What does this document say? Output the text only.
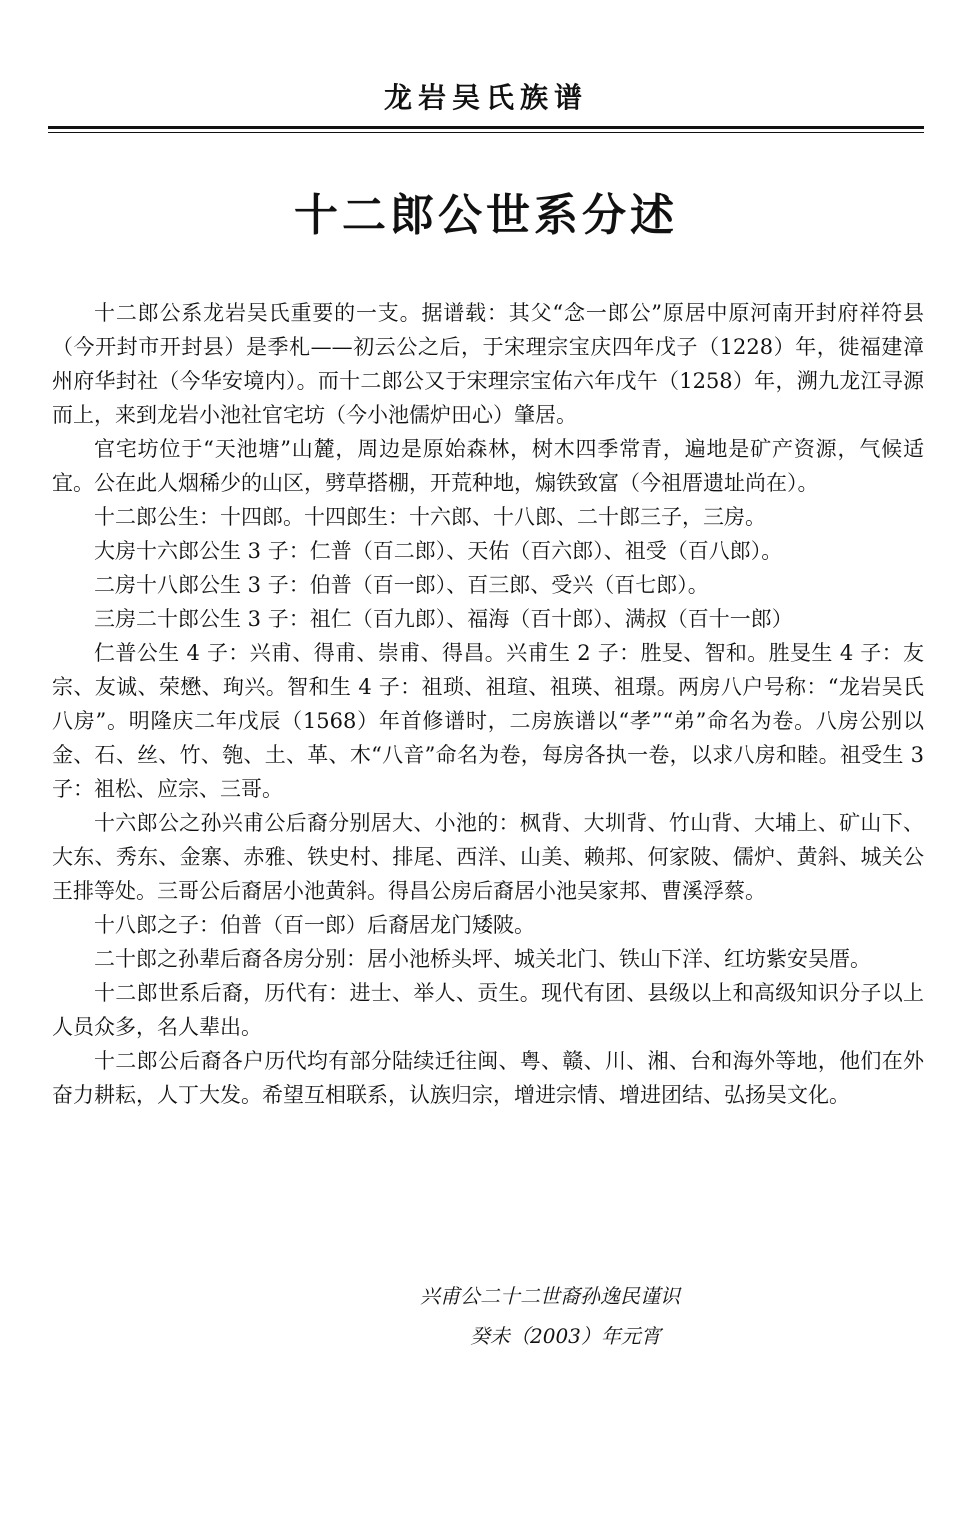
龙岩吴氏族谱
十二郎公世系分述

十二郎公系龙岩吴氏重要的一支。据谱载：其父“念一郎公”原居中原河南开封府祥符县（今开封市开封县）是季札——初云公之后，于宋理宗宝庆四年戊子（1228）年，徙福建漳州府华封社（今华安境内）。而十二郎公又于宋理宗宝佑六年戊午（1258）年，溯九龙江寻源而上，来到龙岩小池社官宅坊（今小池儒炉田心）肇居。

官宅坊位于“天池塘”山麓，周边是原始森林，树木四季常青，遍地是矿产资源，气候适宜。公在此人烟稀少的山区，劈草搭棚，开荒种地，煽铁致富（今祖厝遗址尚在）。

十二郎公生：十四郎。十四郎生：十六郎、十八郎、二十郎三子，三房。

大房十六郎公生 3 子：仁普（百二郎）、天佑（百六郎）、祖受（百八郎）。

二房十八郎公生 3 子：伯普（百一郎）、百三郎、受兴（百七郎）。

三房二十郎公生 3 子：祖仁（百九郎）、福海（百十郎）、满叔（百十一郎）

仁普公生 4 子：兴甫、得甫、崇甫、得昌。兴甫生 2 子：胜旻、智和。胜旻生 4 子：友宗、友诚、荣懋、珣兴。智和生 4 子：祖琐、祖瑄、祖瑛、祖璟。两房八户号称：“龙岩吴氏八房”。明隆庆二年戊辰（1568）年首修谱时，二房族谱以“孝”“弟”命名为卷。八房公别以金、石、丝、竹、匏、土、革、木“八音”命名为卷，每房各执一卷，以求八房和睦。祖受生 3 子：祖松、应宗、三哥。

十六郎公之孙兴甫公后裔分别居大、小池的：枫背、大圳背、竹山背、大埔上、矿山下、大东、秀东、金寨、赤雅、铁史村、排尾、西洋、山美、赖邦、何家陂、儒炉、黄斜、城关公王排等处。三哥公后裔居小池黄斜。得昌公房后裔居小池吴家邦、曹溪浮蔡。

十八郎之子：伯普（百一郎）后裔居龙门矮陂。

二十郎之孙辈后裔各房分别：居小池桥头坪、城关北门、铁山下洋、红坊紫安吴厝。

十二郎世系后裔，历代有：进士、举人、贡生。现代有团、县级以上和高级知识分子以上人员众多，名人辈出。

十二郎公后裔各户历代均有部分陆续迁往闽、粤、赣、川、湘、台和海外等地，他们在外奋力耕耘，人丁大发。希望互相联系，认族归宗，增进宗情、增进团结、弘扬吴文化。

兴甫公二十二世裔孙逸民谨识
癸未（2003）年元宵
